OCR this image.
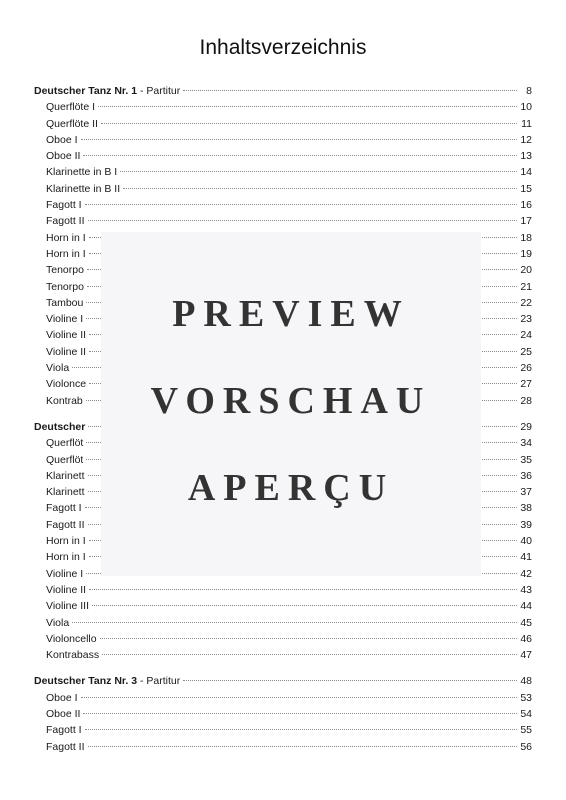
Inhaltsverzeichnis
Deutscher Tanz Nr. 1 - Partitur	8
Querflöte I	10
Querflöte II	11
Oboe I	12
Oboe II	13
Klarinette in B I	14
Klarinette in B II	15
Fagott I	16
Fagott II	17
Horn in I	18
Horn in I	19
Tenorpo	20
Tenorpo	21
Tambou	22
Violine I	23
Violine II	24
Violine II	25
Viola	26
Violonce	27
Kontrab	28
Deutscher	29
Querflöt	34
Querflöt	35
Klarinett	36
Klarinett	37
Fagott I	38
Fagott II	39
Horn in I	40
Horn in I	41
Violine I	42
Violine II	43
Violine III	44
Viola	45
Violoncello	46
Kontrabass	47
Deutscher Tanz Nr. 3 - Partitur	48
Oboe I	53
Oboe II	54
Fagott I	55
Fagott II	56
PREVIEW
VORSCHAU
APERÇU
